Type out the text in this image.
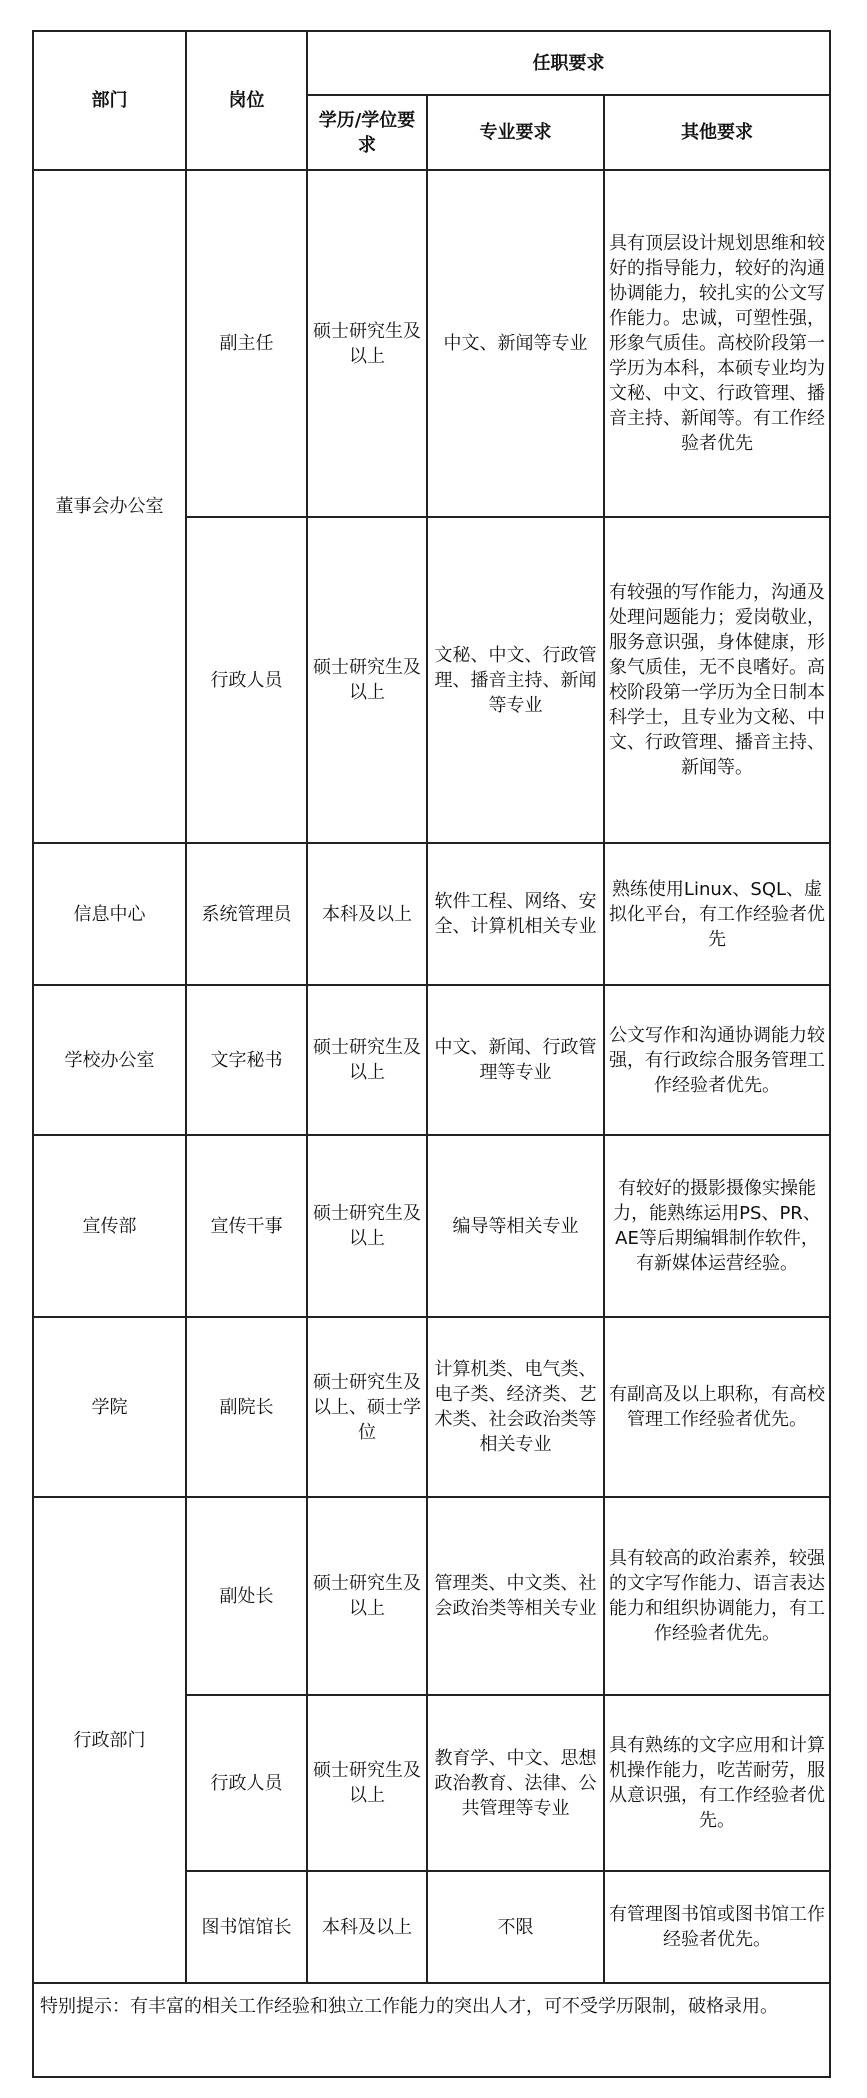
部门	岗位	任职要求		
		学历/学位要求	专业要求	其他要求
董事会办公室	副主任	硕士研究生及以上	中文、新闻等专业	具有顶层设计规划思维和较好的指导能力，较好的沟通协调能力，较扎实的公文写作能力。忠诚，可塑性强，形象气质佳。高校阶段第一学历为本科，本硕专业均为文秘、中文、行政管理、播音主持、新闻等。有工作经验者优先
	行政人员	硕士研究生及以上	文秘、中文、行政管理、播音主持、新闻等专业	有较强的写作能力，沟通及处理问题能力；爱岗敬业，服务意识强，身体健康，形象气质佳，无不良嗜好。高校阶段第一学历为全日制本科学士，且专业为文秘、中文、行政管理、播音主持、新闻等。
信息中心	系统管理员	本科及以上	软件工程、网络、安全、计算机相关专业	熟练使用Linux、SQL、虚拟化平台，有工作经验者优先
学校办公室	文字秘书	硕士研究生及以上	中文、新闻、行政管理等专业	公文写作和沟通协调能力较强，有行政综合服务管理工作经验者优先。
宣传部	宣传干事	硕士研究生及以上	编导等相关专业	有较好的摄影摄像实操能力，能熟练运用PS、PR、AE等后期编辑制作软件，有新媒体运营经验。
学院	副院长	硕士研究生及以上、硕士学位	计算机类、电气类、电子类、经济类、艺术类、社会政治类等相关专业	有副高及以上职称，有高校管理工作经验者优先。
行政部门	副处长	硕士研究生及以上	管理类、中文类、社会政治类等相关专业	具有较高的政治素养，较强的文字写作能力、语言表达能力和组织协调能力，有工作经验者优先。
	行政人员	硕士研究生及以上	教育学、中文、思想政治教育、法律、公共管理等专业	具有熟练的文字应用和计算机操作能力，吃苦耐劳，服从意识强，有工作经验者优先。
	图书馆馆长	本科及以上	不限	有管理图书馆或图书馆工作经验者优先。
特别提示：有丰富的相关工作经验和独立工作能力的突出人才，可不受学历限制，破格录用。				
